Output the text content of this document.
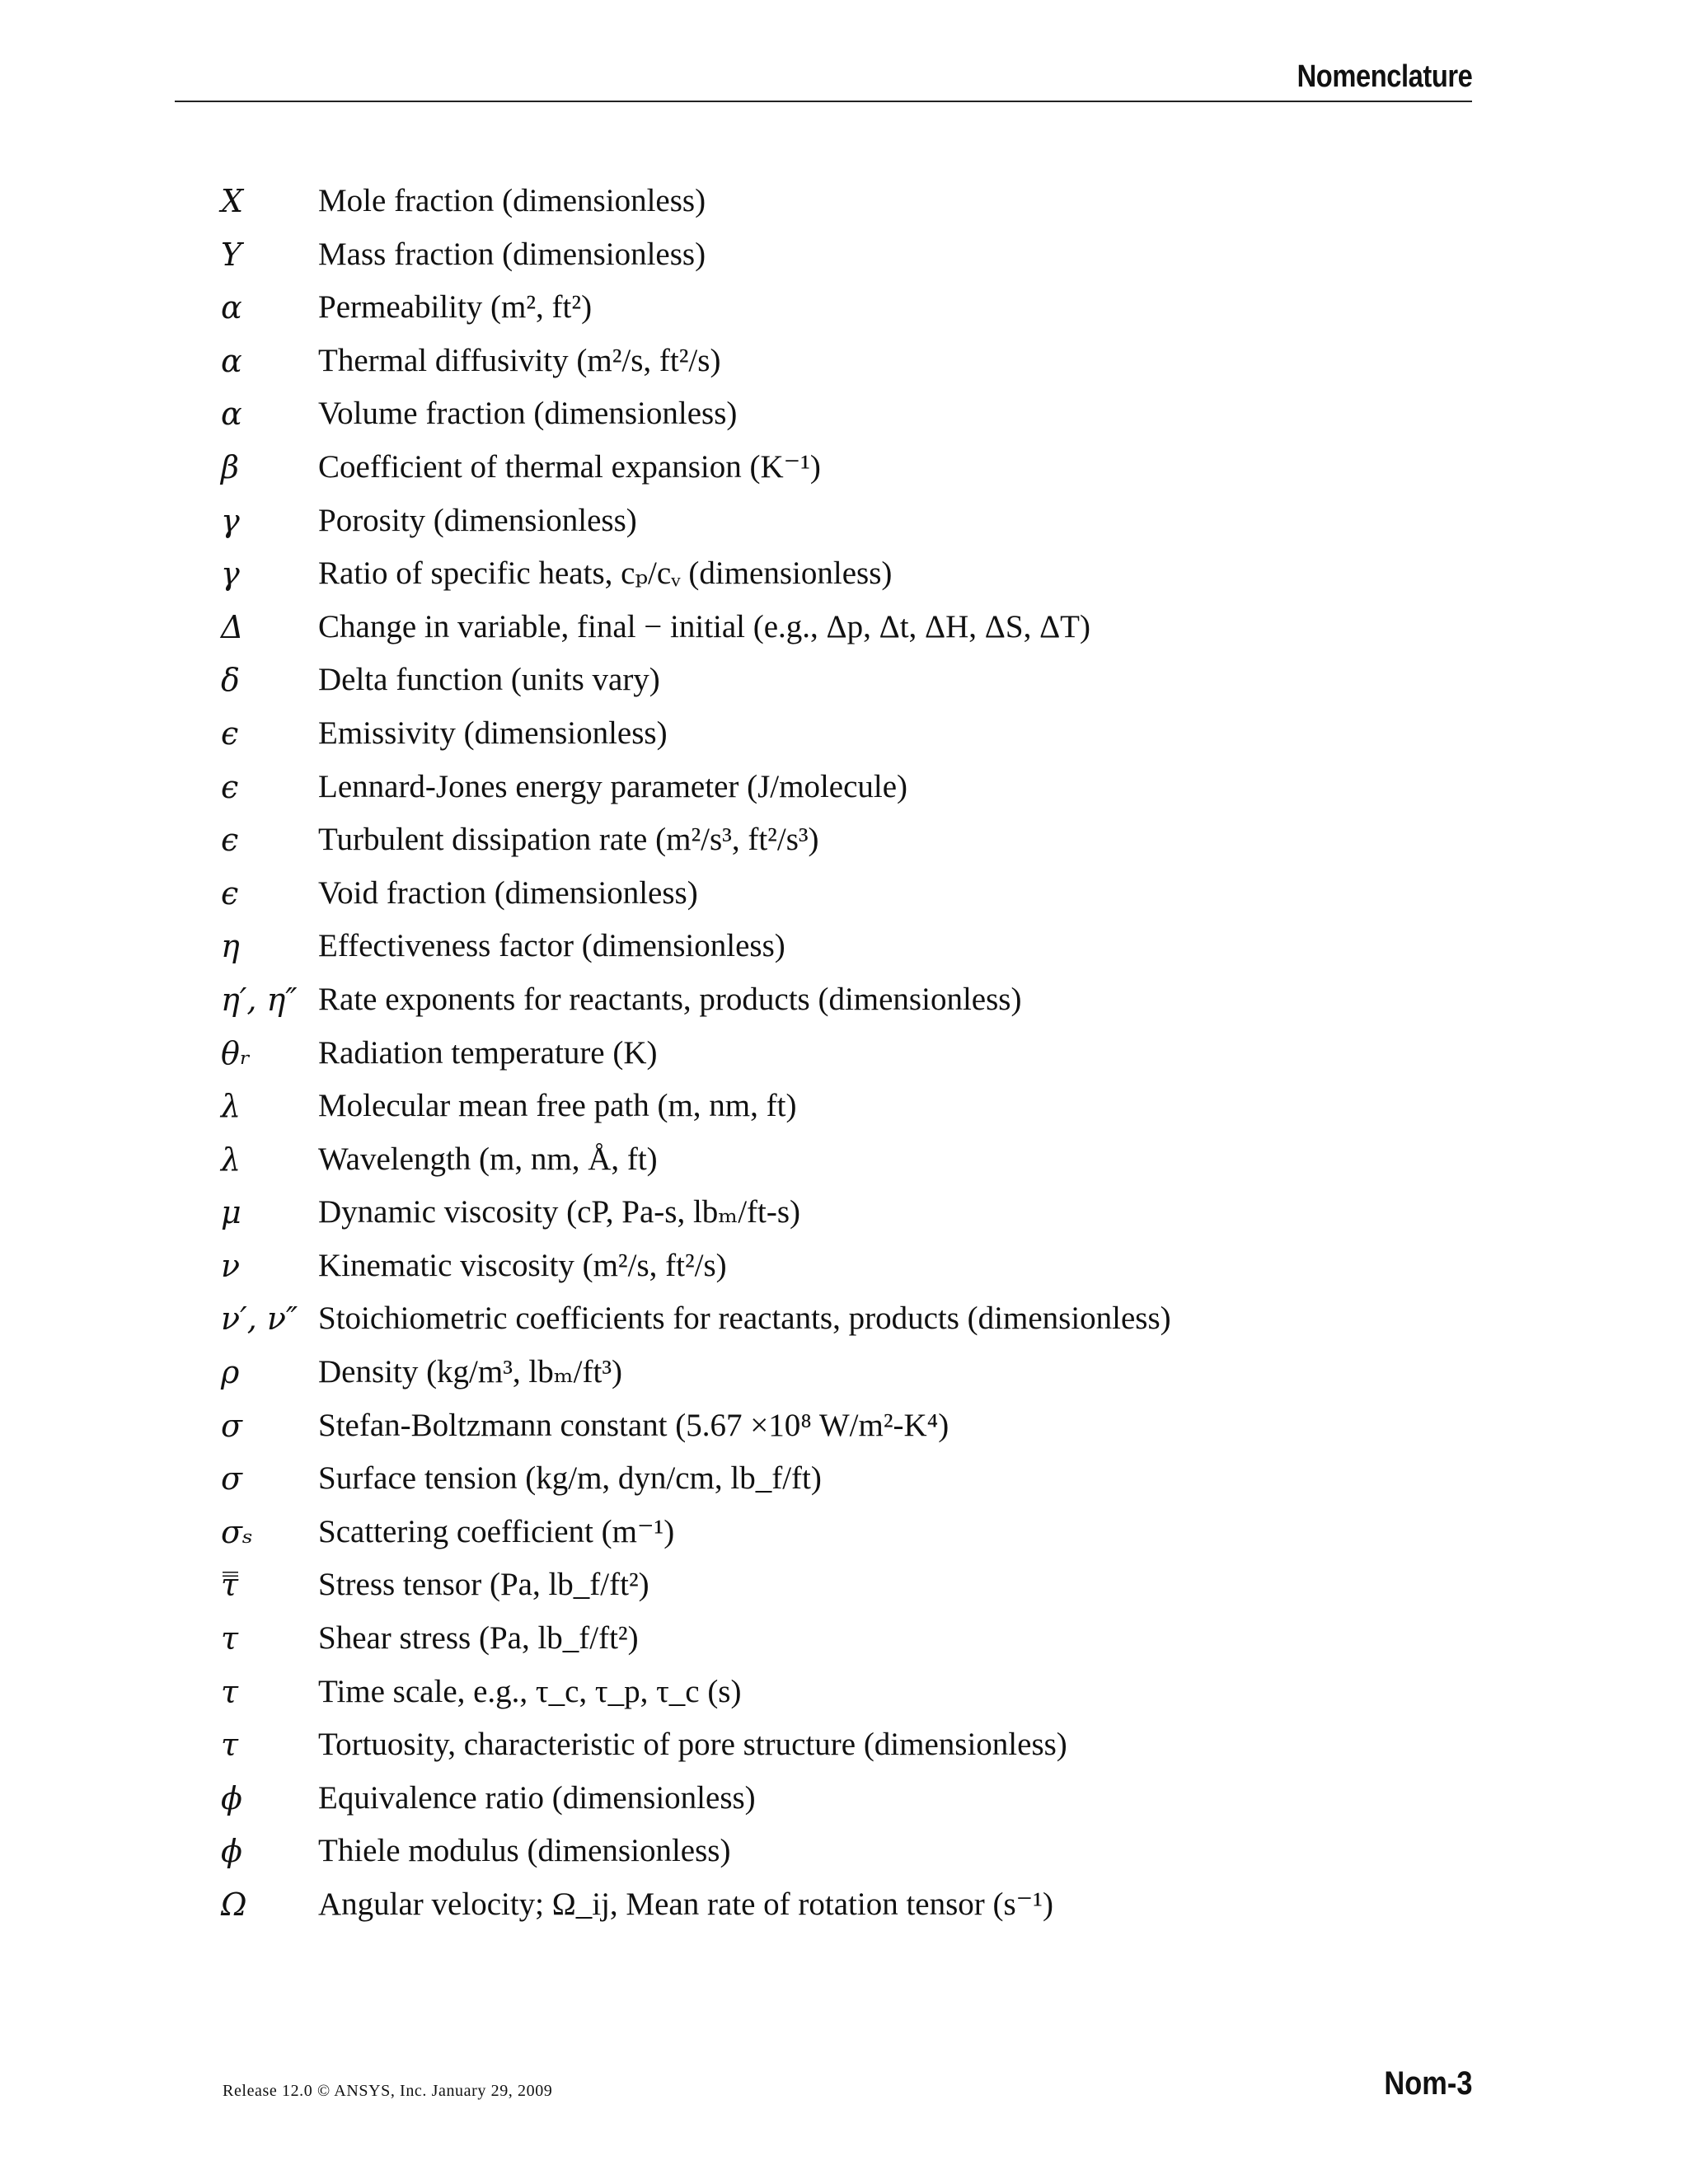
Nomenclature
X	Mole fraction (dimensionless)
Y	Mass fraction (dimensionless)
α	Permeability (m², ft²)
α	Thermal diffusivity (m²/s, ft²/s)
α	Volume fraction (dimensionless)
β	Coefficient of thermal expansion (K⁻¹)
γ	Porosity (dimensionless)
γ	Ratio of specific heats, cₚ/cᵥ (dimensionless)
Δ	Change in variable, final − initial (e.g., Δp, Δt, ΔH, ΔS, ΔT)
δ	Delta function (units vary)
ϵ	Emissivity (dimensionless)
ϵ	Lennard-Jones energy parameter (J/molecule)
ϵ	Turbulent dissipation rate (m²/s³, ft²/s³)
ϵ	Void fraction (dimensionless)
η	Effectiveness factor (dimensionless)
η′, η″ Rate exponents for reactants, products (dimensionless)
θᵣ	Radiation temperature (K)
λ	Molecular mean free path (m, nm, ft)
λ	Wavelength (m, nm, Å, ft)
μ	Dynamic viscosity (cP, Pa-s, lbₘ/ft-s)
ν	Kinematic viscosity (m²/s, ft²/s)
ν′, ν″ Stoichiometric coefficients for reactants, products (dimensionless)
ρ	Density (kg/m³, lbₘ/ft³)
σ	Stefan-Boltzmann constant (5.67 ×10⁸ W/m²-K⁴)
σ	Surface tension (kg/m, dyn/cm, lb_f/ft)
σₛ	Scattering coefficient (m⁻¹)
τ̿	Stress tensor (Pa, lb_f/ft²)
τ	Shear stress (Pa, lb_f/ft²)
τ	Time scale, e.g., τ_c, τ_p, τ_c (s)
τ	Tortuosity, characteristic of pore structure (dimensionless)
ϕ	Equivalence ratio (dimensionless)
ϕ	Thiele modulus (dimensionless)
Ω	Angular velocity; Ω_ij, Mean rate of rotation tensor (s⁻¹)
Release 12.0 © ANSYS, Inc. January 29, 2009	Nom-3
